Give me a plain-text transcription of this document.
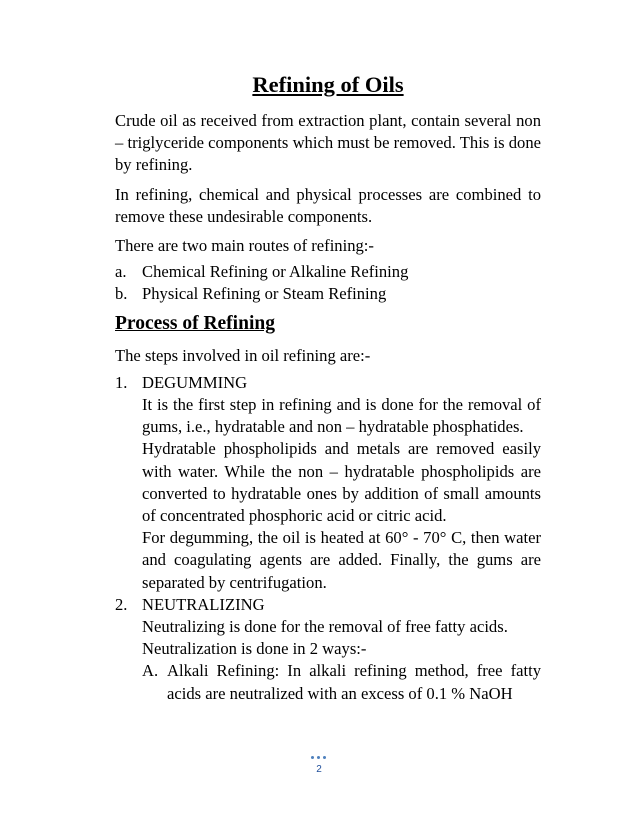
Refining of Oils

Crude oil as received from extraction plant, contain several non – triglyceride components which must be removed. This is done by refining.

In refining, chemical and physical processes are combined to remove these undesirable components.

There are two main routes of refining:-

a. Chemical Refining or Alkaline Refining
b. Physical Refining or Steam Refining
Process of Refining

The steps involved in oil refining are:-

1. DEGUMMING

It is the first step in refining and is done for the removal of gums, i.e., hydratable and non – hydratable phosphatides.

Hydratable phospholipids and metals are removed easily with water. While the non – hydratable phospholipids are converted to hydratable ones by addition of small amounts of concentrated phosphoric acid or citric acid.

For degumming, the oil is heated at 60° - 70° C, then water and coagulating agents are added. Finally, the gums are separated by centrifugation.

2. NEUTRALIZING

Neutralizing is done for the removal of free fatty acids.

Neutralization is done in 2 ways:-

A. Alkali Refining: In alkali refining method, free fatty acids are neutralized with an excess of 0.1 % NaOH
2
